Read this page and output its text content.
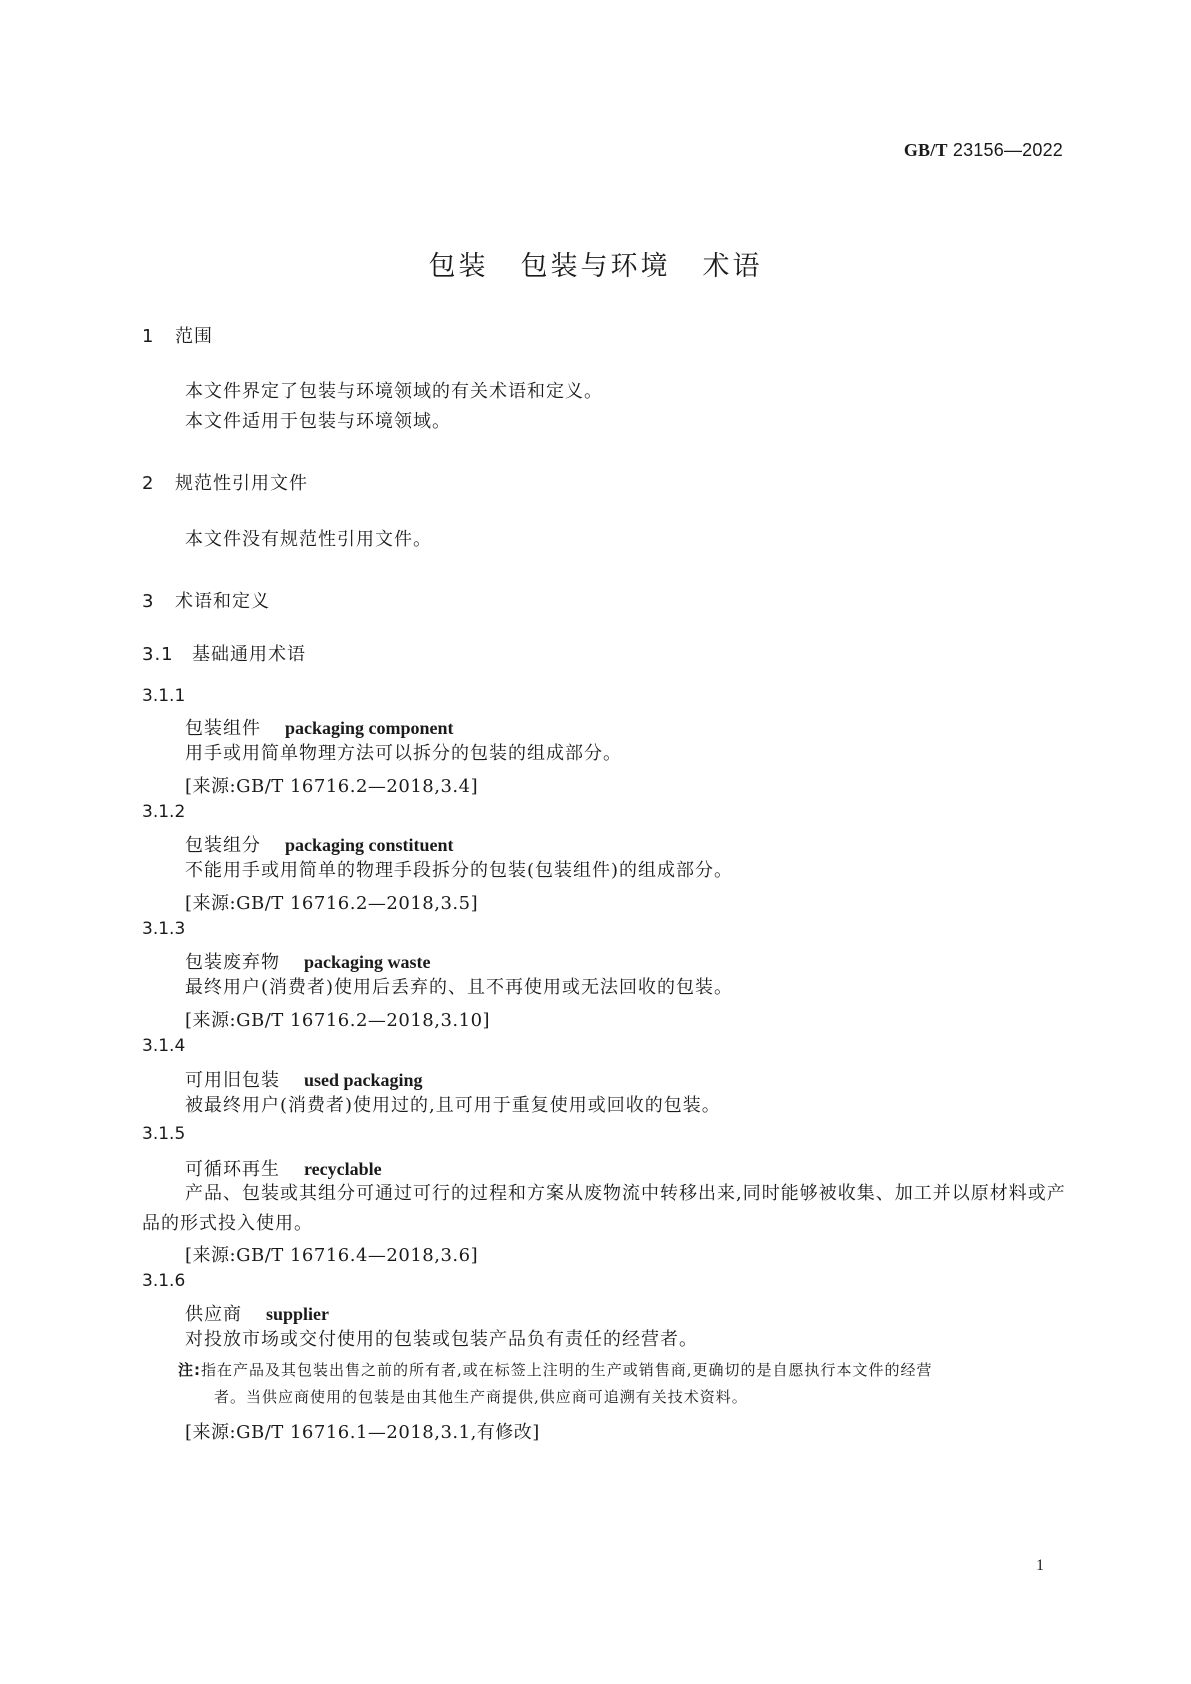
GB/T 23156—2022
包装 包装与环境 术语
1 范围
本文件界定了包装与环境领域的有关术语和定义。
本文件适用于包装与环境领域。
2 规范性引用文件
本文件没有规范性引用文件。
3 术语和定义
3.1 基础通用术语
3.1.1
包装组件 packaging component
用手或用简单物理方法可以拆分的包装的组成部分。
[来源:GB/T 16716.2—2018,3.4]
3.1.2
包装组分 packaging constituent
不能用手或用简单的物理手段拆分的包装(包装组件)的组成部分。
[来源:GB/T 16716.2—2018,3.5]
3.1.3
包装废弃物 packaging waste
最终用户(消费者)使用后丢弃的、且不再使用或无法回收的包装。
[来源:GB/T 16716.2—2018,3.10]
3.1.4
可用旧包装 used packaging
被最终用户(消费者)使用过的,且可用于重复使用或回收的包装。
3.1.5
可循环再生 recyclable
产品、包装或其组分可通过可行的过程和方案从废物流中转移出来,同时能够被收集、加工并以原材料或产品的形式投入使用。
[来源:GB/T 16716.4—2018,3.6]
3.1.6
供应商 supplier
对投放市场或交付使用的包装或包装产品负有责任的经营者。
注:指在产品及其包装出售之前的所有者,或在标签上注明的生产或销售商,更确切的是自愿执行本文件的经营
者。当供应商使用的包装是由其他生产商提供,供应商可追溯有关技术资料。
[来源:GB/T 16716.1—2018,3.1,有修改]
1
